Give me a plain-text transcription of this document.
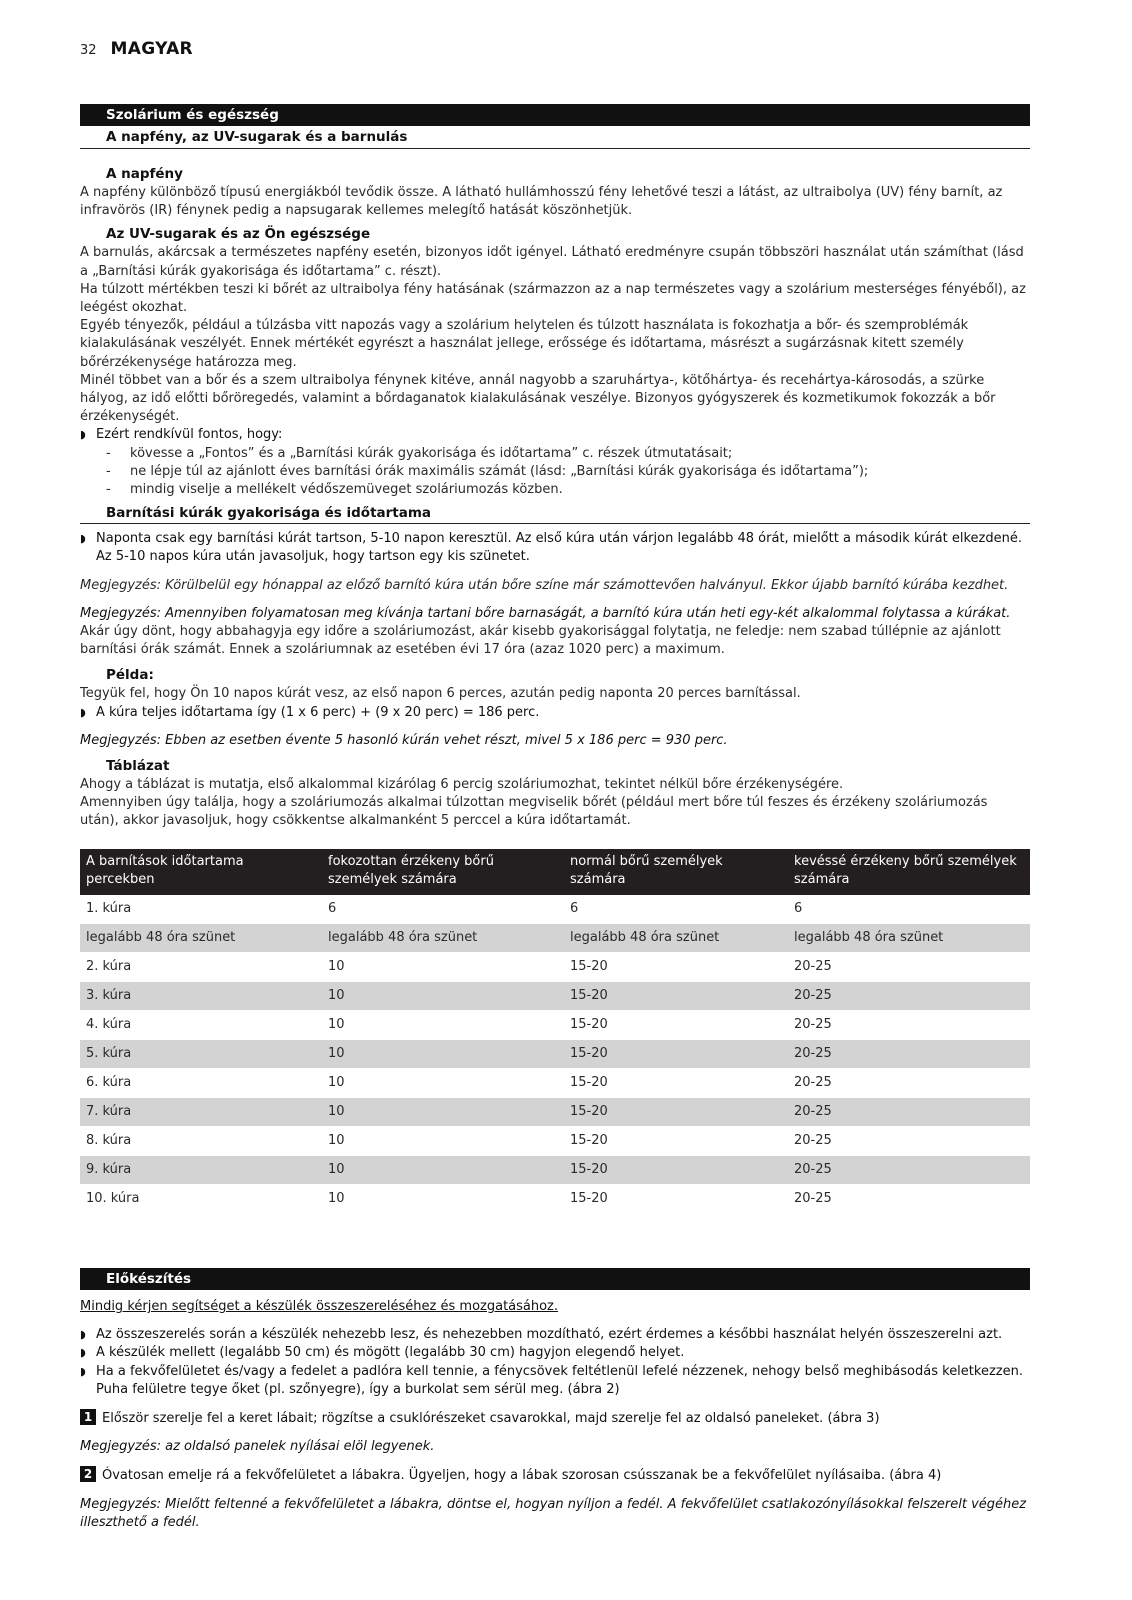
32 MAGYAR
Szolárium és egészség
A napfény, az UV-sugarak és a barnulás
A napfény

A napfény különböző típusú energiákból tevődik össze. A látható hullámhosszú fény lehetővé teszi a látást, az ultraibolya (UV) fény barnít, az infravörös (IR) fénynek pedig a napsugarak kellemes melegítő hatását köszönhetjük.

Az UV-sugarak és az Ön egészsége

A barnulás, akárcsak a természetes napfény esetén, bizonyos időt igényel. Látható eredményre csupán többszöri használat után számíthat (lásd a „Barnítási kúrák gyakorisága és időtartama” c. részt).

Ha túlzott mértékben teszi ki bőrét az ultraibolya fény hatásának (származzon az a nap természetes vagy a szolárium mesterséges fényéből), az leégést okozhat.

Egyéb tényezők, például a túlzásba vitt napozás vagy a szolárium helytelen és túlzott használata is fokozhatja a bőr- és szemproblémák kialakulásának veszélyét. Ennek mértékét egyrészt a használat jellege, erőssége és időtartama, másrészt a sugárzásnak kitett személy bőrérzékenysége határozza meg.

Minél többet van a bőr és a szem ultraibolya fénynek kitéve, annál nagyobb a szaruhártya-, kötőhártya- és recehártya-károsodás, a szürke hályog, az idő előtti bőröregedés, valamint a bőrdaganatok kialakulásának veszélye. Bizonyos gyógyszerek és kozmetikumok fokozzák a bőr érzékenységét.

◗ Ezért rendkívül fontos, hogy:
-	kövesse a „Fontos” és a „Barnítási kúrák gyakorisága és időtartama” c. részek útmutatásait;
-	ne lépje túl az ajánlott éves barnítási órák maximális számát (lásd: „Barnítási kúrák gyakorisága és időtartama”);
-	mindig viselje a mellékelt védőszemüveget szoláriumozás közben.
Barnítási kúrák gyakorisága és időtartama
◗ Naponta csak egy barnítási kúrát tartson, 5-10 napon keresztül. Az első kúra után várjon legalább 48 órát, mielőtt a második kúrát elkezdené. Az 5-10 napos kúra után javasoljuk, hogy tartson egy kis szünetet.

Megjegyzés: Körülbelül egy hónappal az előző barnító kúra után bőre színe már számottevően halványul. Ekkor újabb barnító kúrába kezdhet.

Megjegyzés: Amennyiben folyamatosan meg kívánja tartani bőre barnaságát, a barnító kúra után heti egy-két alkalommal folytassa a kúrákat.

Akár úgy dönt, hogy abbahagyja egy időre a szoláriumozást, akár kisebb gyakorisággal folytatja, ne feledje: nem szabad túllépnie az ajánlott barnítási órák számát. Ennek a szoláriumnak az esetében évi 17 óra (azaz 1020 perc) a maximum.

Példa:

Tegyük fel, hogy Ön 10 napos kúrát vesz, az első napon 6 perces, azután pedig naponta 20 perces barnítással.

◗ A kúra teljes időtartama így (1 x 6 perc) + (9 x 20 perc) = 186 perc.

Megjegyzés: Ebben az esetben évente 5 hasonló kúrán vehet részt, mivel 5 x 186 perc = 930 perc.

Táblázat

Ahogy a táblázat is mutatja, első alkalommal kizárólag 6 percig szoláriumozhat, tekintet nélkül bőre érzékenységére.

Amennyiben úgy találja, hogy a szoláriumozás alkalmai túlzottan megviselik bőrét (például mert bőre túl feszes és érzékeny szoláriumozás után), akkor javasoljuk, hogy csökkentse alkalmanként 5 perccel a kúra időtartamát.

A barnítások időtartama percekben	fokozottan érzékeny bőrű személyek számára	normál bőrű személyek számára	kevéssé érzékeny bőrű személyek számára
1. kúra	6	6	6
legalább 48 óra szünet	legalább 48 óra szünet	legalább 48 óra szünet	legalább 48 óra szünet
2. kúra	10	15-20	20-25
3. kúra	10	15-20	20-25
4. kúra	10	15-20	20-25
5. kúra	10	15-20	20-25
6. kúra	10	15-20	20-25
7. kúra	10	15-20	20-25
8. kúra	10	15-20	20-25
9. kúra	10	15-20	20-25
10. kúra	10	15-20	20-25
Előkészítés

Mindig kérjen segítséget a készülék összeszereléséhez és mozgatásához.

◗ Az összeszerelés során a készülék nehezebb lesz, és nehezebben mozdítható, ezért érdemes a későbbi használat helyén összeszerelni azt.
◗ A készülék mellett (legalább 50 cm) és mögött (legalább 30 cm) hagyjon elegendő helyet.
◗ Ha a fekvőfelületet és/vagy a fedelet a padlóra kell tennie, a fénycsövek feltétlenül lefelé nézzenek, nehogy belső meghibásodás keletkezzen. Puha felületre tegye őket (pl. szőnyegre), így a burkolat sem sérül meg. (ábra 2)

1 Először szerelje fel a keret lábait; rögzítse a csuklórészeket csavarokkal, majd szerelje fel az oldalsó paneleket. (ábra 3)

Megjegyzés: az oldalsó panelek nyílásai elöl legyenek.

2 Óvatosan emelje rá a fekvőfelületet a lábakra. Ügyeljen, hogy a lábak szorosan csússzanak be a fekvőfelület nyílásaiba. (ábra 4)

Megjegyzés: Mielőtt feltenné a fekvőfelületet a lábakra, döntse el, hogyan nyíljon a fedél. A fekvőfelület csatlakozónyílásokkal felszerelt végéhez illeszthető a fedél.
